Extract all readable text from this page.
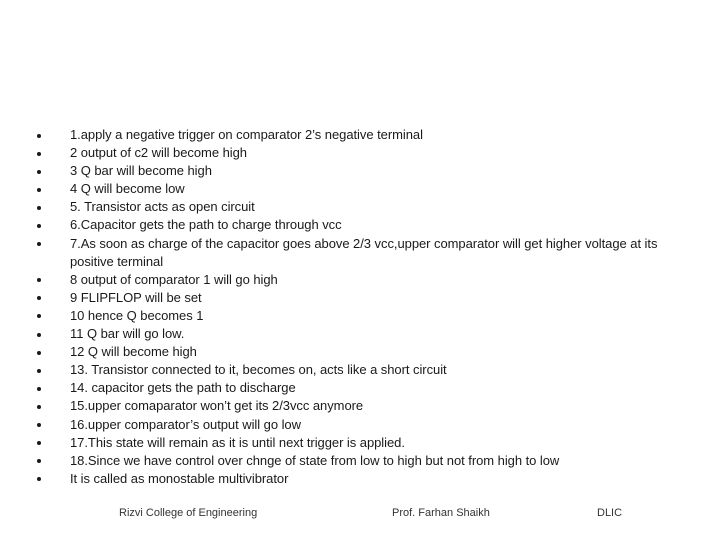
1.apply a negative trigger on comparator 2’s negative terminal
2 output of c2 will become high
3 Q bar will become high
4 Q will become low
5. Transistor acts as open circuit
6.Capacitor gets the path to charge through vcc
7.As soon as charge of the capacitor goes above 2/3 vcc,upper comparator will get higher voltage at its positive terminal
8 output of comparator 1 will go high
9 FLIPFLOP will be set
10 hence Q becomes 1
11 Q bar will go low.
12 Q will become high
13. Transistor connected to it, becomes on, acts like a short circuit
14. capacitor gets the path to discharge
15.upper comaparator won’t get its 2/3vcc anymore
16.upper comparator’s output will go low
17.This state will remain as it is until next trigger is applied.
18.Since we have control over chnge of state from low to high but not from high to low
It is called as monostable multivibrator
Rizvi College of Engineering	Prof. Farhan Shaikh	DLIC
